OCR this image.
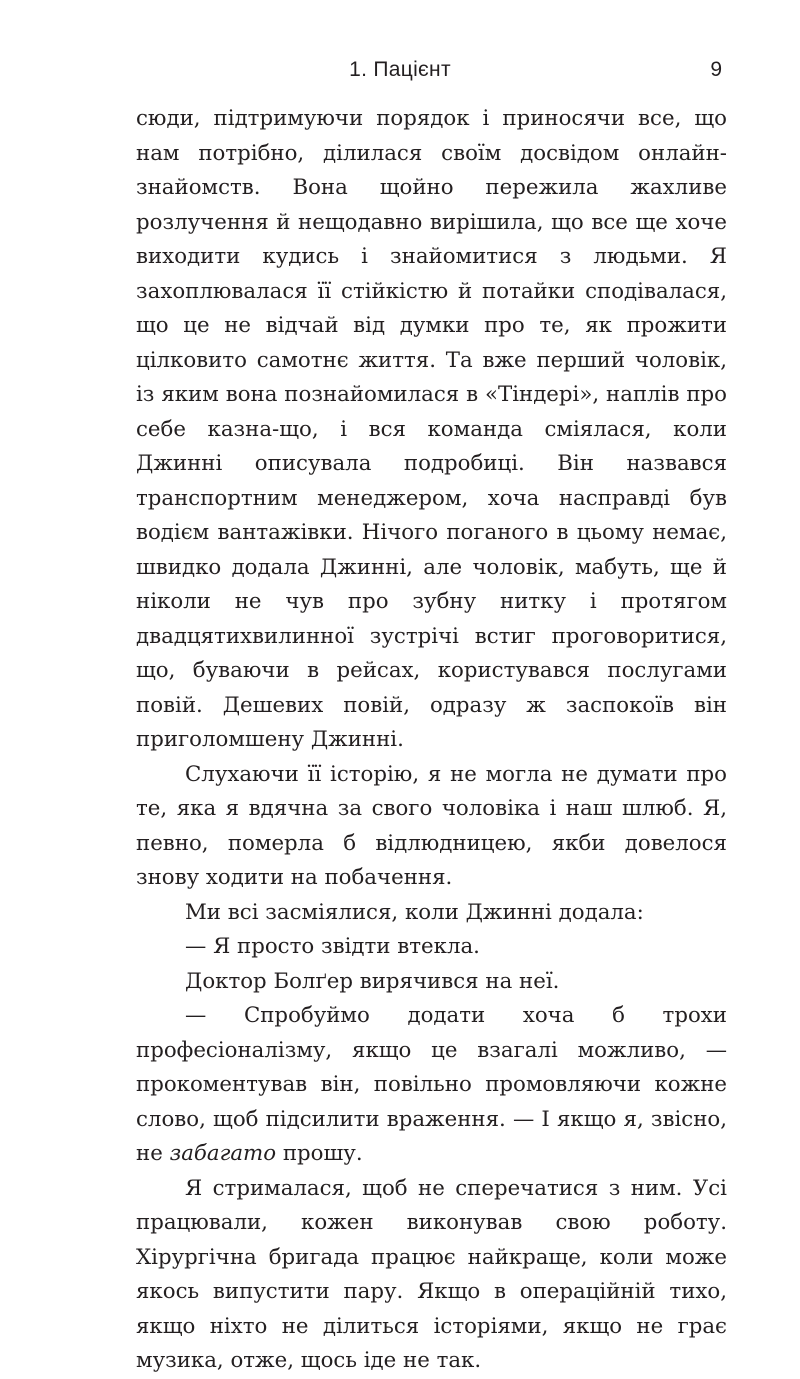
1. Пацієнт	9

сюди, підтримуючи порядок і приносячи все, що нам потрібно, ділилася своїм досвідом онлайн-знайомств. Вона щойно пережила жахливе розлучення й нещодавно вирішила, що все ще хоче виходити кудись і знайомитися з людьми. Я захоплювалася її стійкістю й потайки сподівалася, що це не відчай від думки про те, як прожити цілковито самотнє життя. Та вже перший чоловік, із яким вона познайомилася в «Тіндері», наплів про себе казна-що, і вся команда сміялася, коли Джинні описувала подробиці. Він назвався транспортним менеджером, хоча насправді був водієм вантажівки. Нічого поганого в цьому немає, швидко додала Джинні, але чоловік, мабуть, ще й ніколи не чув про зубну нитку і протягом двадцятихвилинної зустрічі встиг проговоритися, що, буваючи в рейсах, користувався послугами повій. Дешевих повій, одразу ж заспокоїв він приголомшену Джинні.

Слухаючи її історію, я не могла не думати про те, яка я вдячна за свого чоловіка і наш шлюб. Я, певно, померла б відлюдницею, якби довелося знову ходити на побачення.

Ми всі засміялися, коли Джинні додала:

— Я просто звідти втекла.

Доктор Болґер вирячився на неї.

— Спробуймо додати хоча б трохи професіоналізму, якщо це взагалі можливо, — прокоментував він, повільно промовляючи кожне слово, щоб підсилити враження. — І якщо я, звісно, не забагато прошу.

Я стрималася, щоб не сперечатися з ним. Усі працювали, кожен виконував свою роботу. Хірургічна бригада працює найкраще, коли може якось випустити пару. Якщо в операційній тихо, якщо ніхто не ділиться історіями, якщо не грає музика, отже, щось іде не так.
